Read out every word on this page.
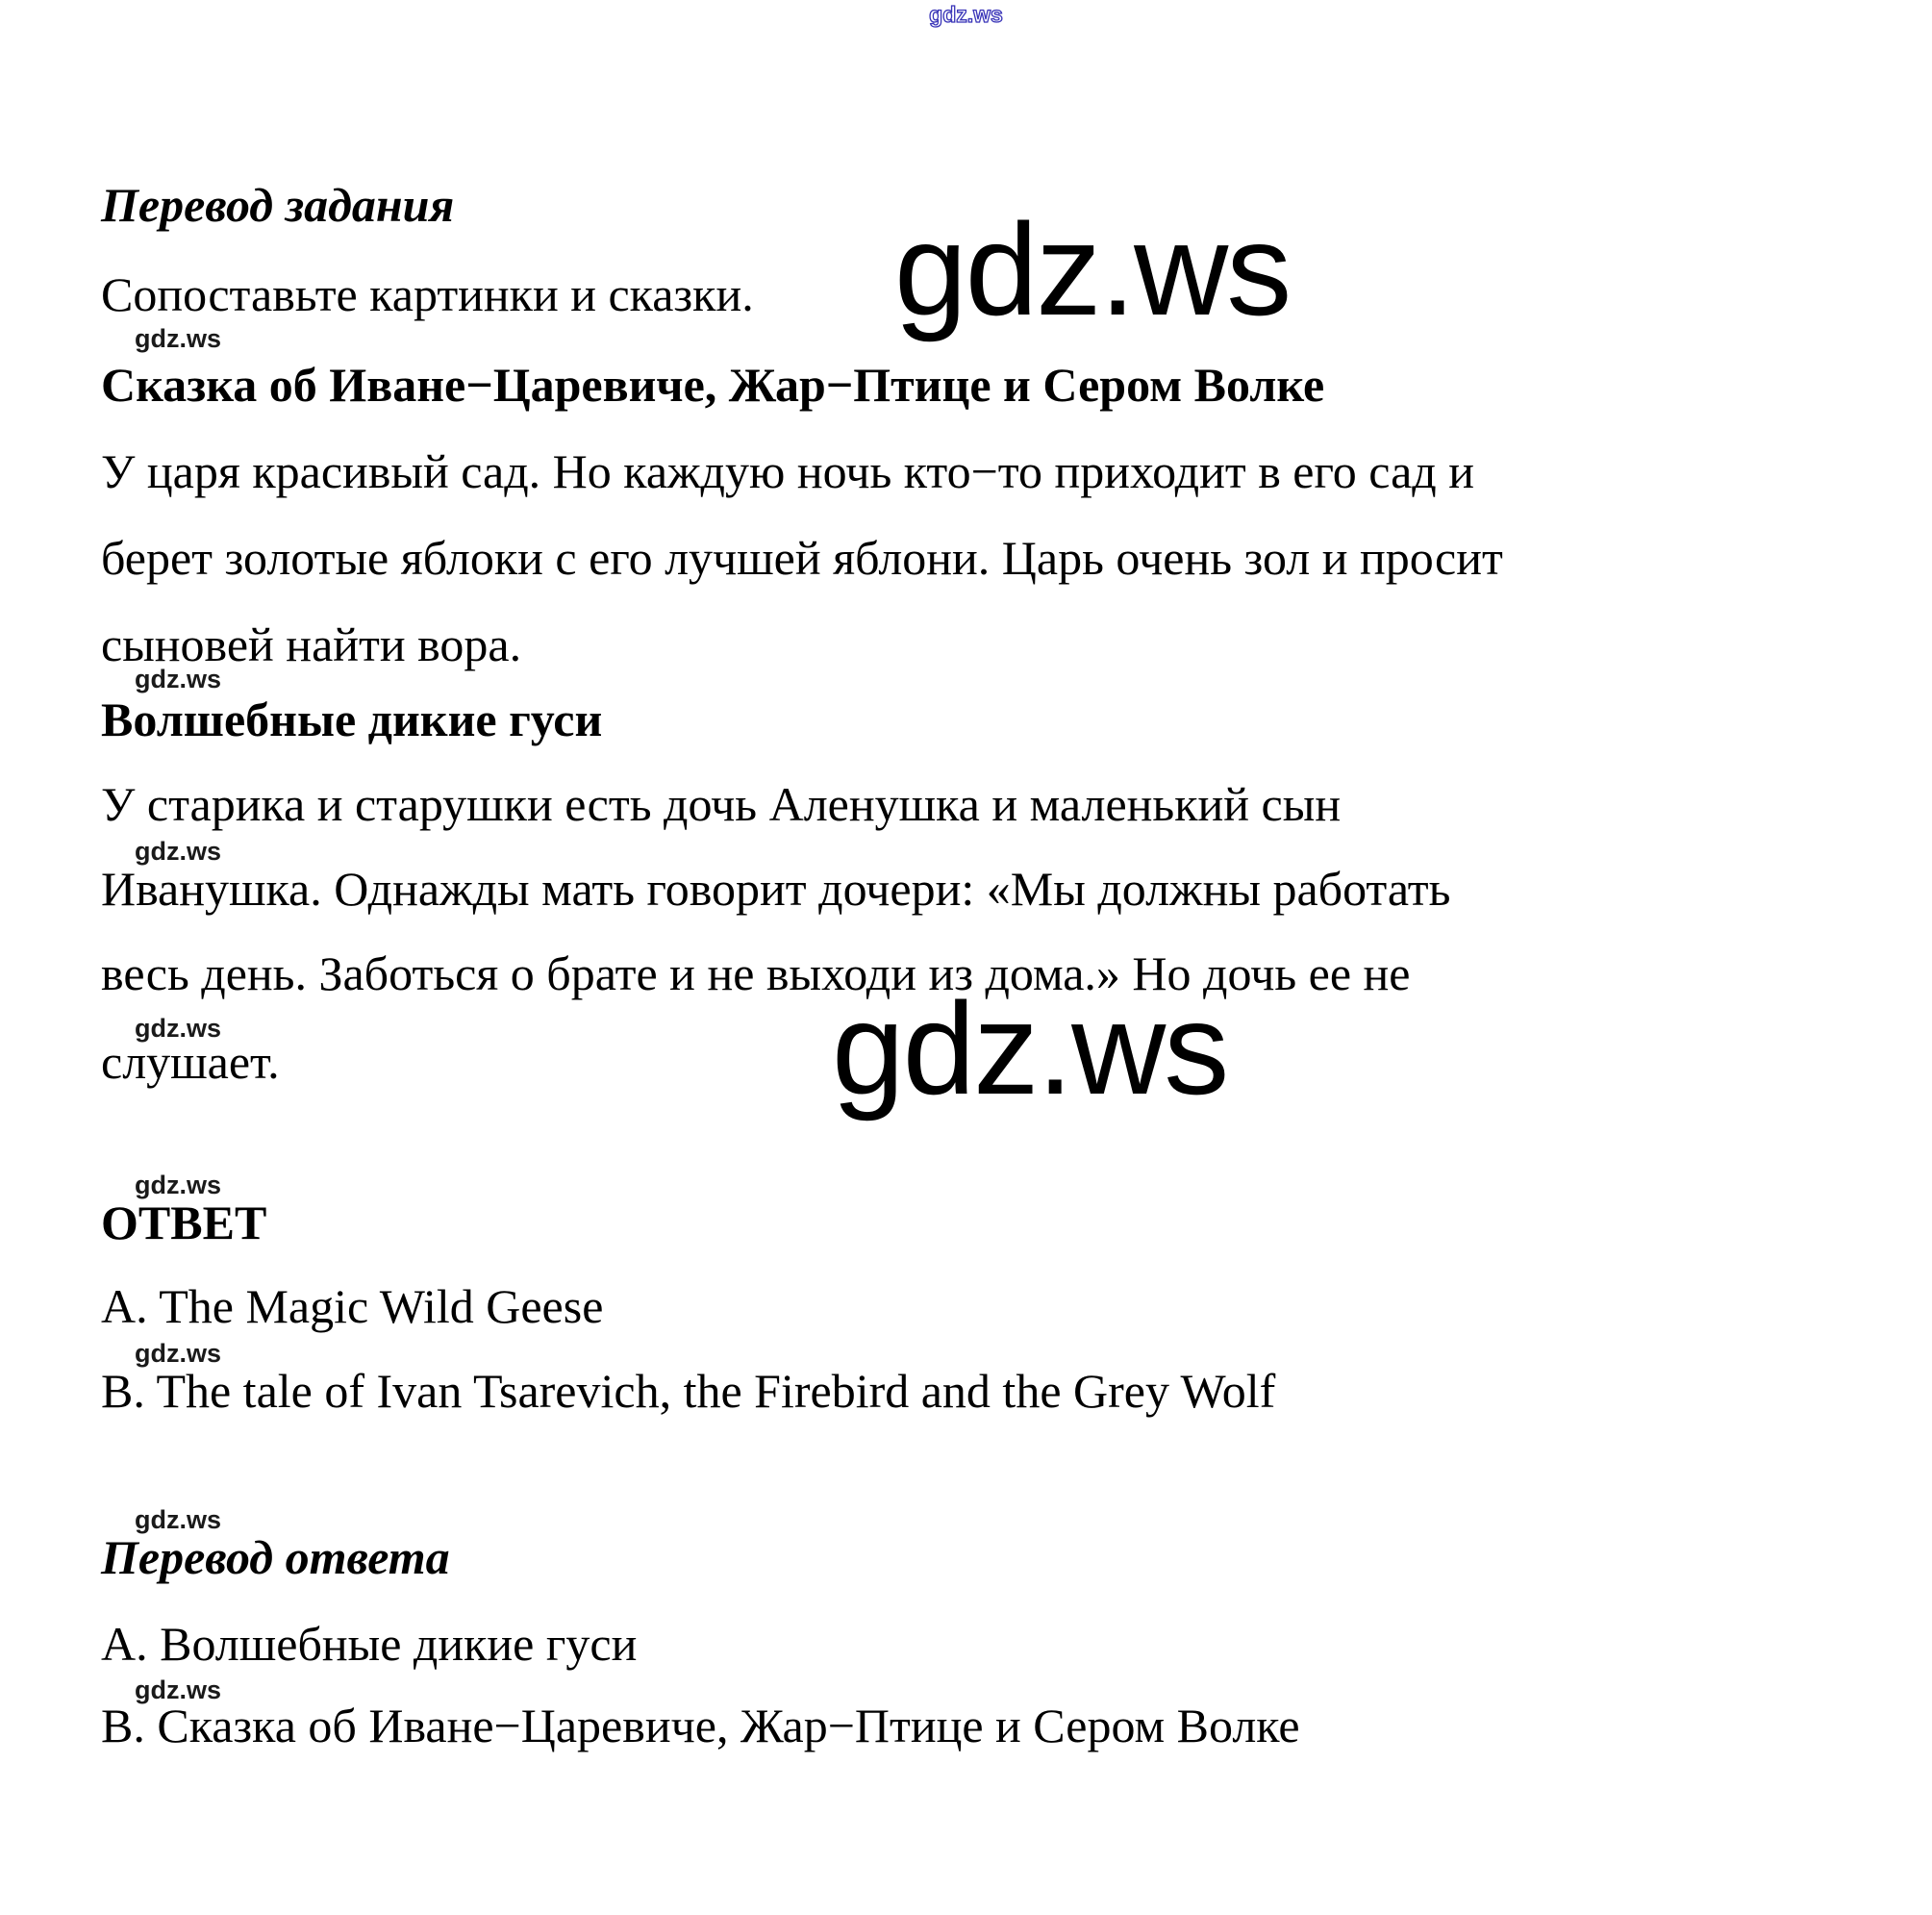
gdz.ws
Перевод задания

Сопоставьте картинки и сказки. gdz.ws
gdz.ws
Сказка об Иване−Царевиче, Жар−Птице и Сером Волке

У царя красивый сад. Но каждую ночь кто−то приходит в его сад и

берет золотые яблоки с его лучшей яблони. Царь очень зол и просит

сыновей найти вора.

gdz.ws
Волшебные дикие гуси

У старика и старушки есть дочь Аленушка и маленький сын

gdz.ws

Иванушка. Однажды мать говорит дочери: «Мы должны работать

весь день. Заботься о брате и не выходи из дома.» Но дочь ее не

gdz.ws

слушает.	gdz.ws
gdz.ws
ОТВЕТ

A. The Magic Wild Geese

gdz.ws

B. The tale of Ivan Tsarevich, the Firebird and the Grey Wolf

gdz.ws
Перевод ответа

A. Волшебные дикие гуси

gdz.ws

B. Сказка об Иване−Царевиче, Жар−Птице и Сером Волке
